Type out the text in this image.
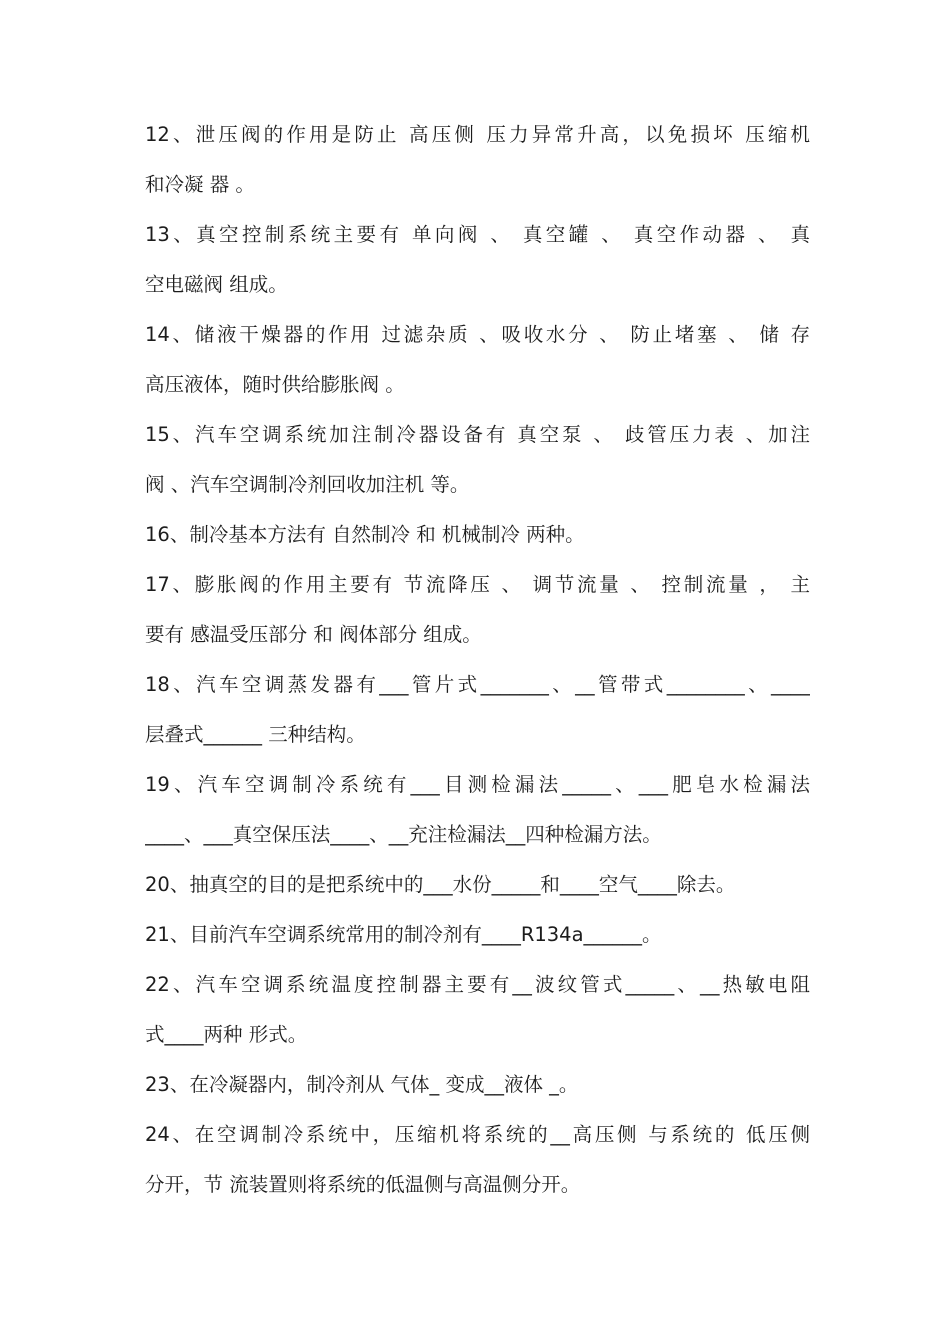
12、泄压阀的作用是防止 高压侧 压力异常升高，以免损坏 压缩机
和冷凝 器 。
13、真空控制系统主要有 单向阀 、 真空罐 、 真空作动器 、 真
空电磁阀 组成。
14、储液干燥器的作用 过滤杂质 、吸收水分 、 防止堵塞 、 储 存
高压液体，随时供给膨胀阀 。
15、汽车空调系统加注制冷器设备有 真空泵 、 歧管压力表 、加注
阀 、汽车空调制冷剂回收加注机 等。
16、制冷基本方法有 自然制冷 和 机械制冷 两种。
17、膨胀阀的作用主要有 节流降压 、 调节流量 、 控制流量 ， 主
要有 感温受压部分 和 阀体部分 组成。
18、汽车空调蒸发器有___管片式_______、__管带式________、____
层叠式______ 三种结构。
19、汽车空调制冷系统有___目测检漏法_____、___肥皂水检漏法
____、___真空保压法____、__充注检漏法__四种检漏方法。
20、抽真空的目的是把系统中的___水份_____和____空气____除去。
21、目前汽车空调系统常用的制冷剂有____R134a______。
22、汽车空调系统温度控制器主要有__波纹管式_____、__热敏电阻
式____两种 形式。
23、在冷凝器内，制冷剂从 气体_ 变成__液体 _。
24、在空调制冷系统中，压缩机将系统的__高压侧 与系统的 低压侧
分开，节 流装置则将系统的低温侧与高温侧分开。
